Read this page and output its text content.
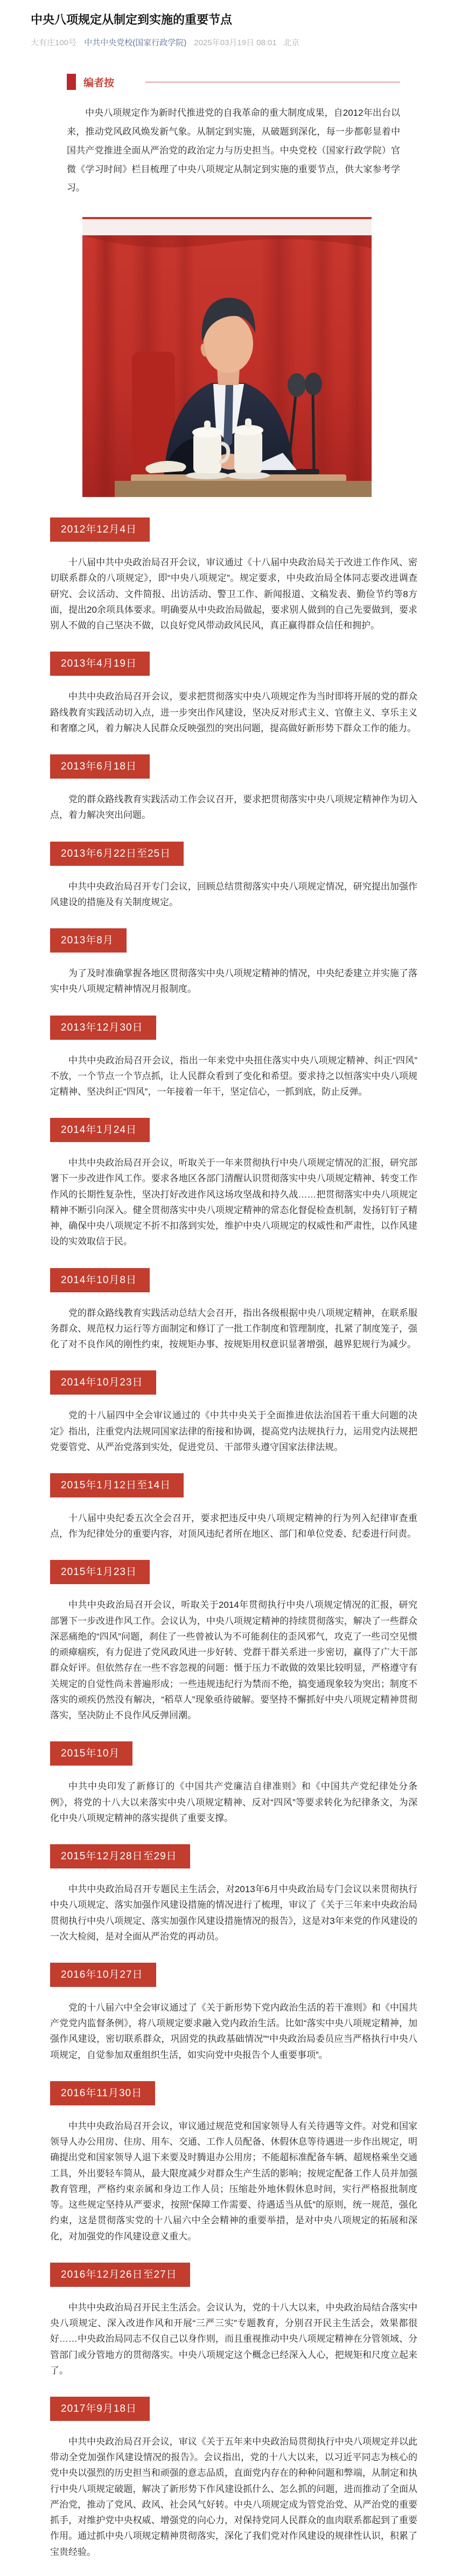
中央八项规定从制定到实施的重要节点
大有庄100号 中共中央党校(国家行政学院) 2025年03月19日 08:01 北京
编者按

中央八项规定作为新时代推进党的自我革命的重大制度成果，自2012年出台以来，推动党风政风焕发新气象。从制定到实施，从破题到深化，每一步都彰显着中国共产党推进全面从严治党的政治定力与历史担当。中央党校（国家行政学院）官微《学习时间》栏目梳理了中央八项规定从制定到实施的重要节点，供大家参考学习。

2012年12月4日

十八届中共中央政治局召开会议，审议通过《十八届中央政治局关于改进工作作风、密切联系群众的八项规定》，即“中央八项规定”。规定要求，中央政治局全体同志要改进调查研究、会议活动、文件简报、出访活动、警卫工作、新闻报道、文稿发表、勤俭节约等8方面，提出20余项具体要求。明确要从中央政治局做起，要求别人做到的自己先要做到，要求别人不做的自己坚决不做，以良好党风带动政风民风，真正赢得群众信任和拥护。

2013年4月19日

中共中央政治局召开会议，要求把贯彻落实中央八项规定作为当时即将开展的党的群众路线教育实践活动切入点，进一步突出作风建设，坚决反对形式主义、官僚主义、享乐主义和奢靡之风，着力解决人民群众反映强烈的突出问题，提高做好新形势下群众工作的能力。

2013年6月18日

党的群众路线教育实践活动工作会议召开，要求把贯彻落实中央八项规定精神作为切入点，着力解决突出问题。

2013年6月22日至25日

中共中央政治局召开专门会议，回顾总结贯彻落实中央八项规定情况，研究提出加强作风建设的措施及有关制度规定。

2013年8月

为了及时准确掌握各地区贯彻落实中央八项规定精神的情况，中央纪委建立并实施了落实中央八项规定精神情况月报制度。

2013年12月30日

中共中央政治局召开会议，指出一年来党中央扭住落实中央八项规定精神、纠正“四风”不放，一个节点一个节点抓，让人民群众看到了变化和希望。要求持之以恒落实中央八项规定精神、坚决纠正“四风”，一年接着一年干，坚定信心，一抓到底，防止反弹。

2014年1月24日

中共中央政治局召开会议，听取关于一年来贯彻执行中央八项规定情况的汇报，研究部署下一步改进作风工作。要求各地区各部门清醒认识贯彻落实中央八项规定精神、转变工作作风的长期性复杂性，坚决打好改进作风这场攻坚战和持久战……把贯彻落实中央八项规定精神不断引向深入。健全贯彻落实中央八项规定精神的常态化督促检查机制，发扬钉钉子精神，确保中央八项规定不折不扣落到实处，维护中央八项规定的权威性和严肃性，以作风建设的实效取信于民。

2014年10月8日

党的群众路线教育实践活动总结大会召开，指出各级根据中央八项规定精神，在联系服务群众、规范权力运行等方面制定和修订了一批工作制度和管理制度，扎紧了制度笼子，强化了对不良作风的刚性约束，按规矩办事、按规矩用权意识显著增强，越界犯规行为减少。

2014年10月23日

党的十八届四中全会审议通过的《中共中央关于全面推进依法治国若干重大问题的决定》指出，注重党内法规同国家法律的衔接和协调，提高党内法规执行力，运用党内法规把党要管党、从严治党落到实处，促进党员、干部带头遵守国家法律法规。

2015年1月12日至14日

十八届中央纪委五次全会召开，要求把违反中央八项规定精神的行为列入纪律审查重点，作为纪律处分的重要内容，对顶风违纪者所在地区、部门和单位党委、纪委进行问责。

2015年1月23日

中共中央政治局召开会议，听取关于2014年贯彻执行中央八项规定情况的汇报，研究部署下一步改进作风工作。会议认为，中央八项规定精神的持续贯彻落实，解决了一些群众深恶痛绝的“四风”问题，刹住了一些曾被认为不可能刹住的歪风邪气，攻克了一些司空见惯的顽瘴痼疾，有力促进了党风政风进一步好转、党群干群关系进一步密切，赢得了广大干部群众好评。但依然存在一些不容忽视的问题：慑于压力不敢做的效果比较明显，严格遵守有关规定的自觉性尚未普遍形成；一些违规违纪行为禁而不绝，搞变通现象较为突出；制度不落实的顽疾仍然没有解决，“稻草人”现象亟待破解。要坚持不懈抓好中央八项规定精神贯彻落实，坚决防止不良作风反弹回潮。

2015年10月

中共中央印发了新修订的《中国共产党廉洁自律准则》和《中国共产党纪律处分条例》，将党的十八大以来落实中央八项规定精神、反对“四风”等要求转化为纪律条文，为深化中央八项规定精神的落实提供了重要支撑。

2015年12月28日至29日

中共中央政治局召开专题民主生活会，对2013年6月中央政治局专门会议以来贯彻执行中央八项规定、落实加强作风建设措施的情况进行了梳理，审议了《关于三年来中央政治局贯彻执行中央八项规定、落实加强作风建设措施情况的报告》，这是对3年来党的作风建设的一次大检阅，是对全面从严治党的再动员。

2016年10月27日

党的十八届六中全会审议通过了《关于新形势下党内政治生活的若干准则》和《中国共产党党内监督条例》，将八项规定要求融入党内政治生活。比如“落实中央八项规定精神，加强作风建设，密切联系群众，巩固党的执政基础情况”“中央政治局委员应当严格执行中央八项规定，自觉参加双重组织生活，如实向党中央报告个人重要事项”。

2016年11月30日

中共中央政治局召开会议，审议通过规范党和国家领导人有关待遇等文件。对党和国家领导人办公用房、住房、用车、交通、工作人员配备、休假休息等待遇进一步作出规定，明确提出党和国家领导人退下来要及时腾退办公用房；不能超标准配备车辆、超规格乘坐交通工具，外出要轻车简从，最大限度减少对群众生产生活的影响；按规定配备工作人员并加强教育管理，严格约束亲属和身边工作人员；压缩赴外地休假休息时间，实行严格报批制度等。这些规定坚持从严要求，按照“保障工作需要、待遇适当从低”的原则，统一规范，强化约束，这是贯彻落实党的十八届六中全会精神的重要举措，是对中央八项规定的拓展和深化，对加强党的作风建设意义重大。

2016年12月26日至27日

中共中央政治局召开民主生活会。会议认为，党的十八大以来，中央政治局结合落实中央八项规定、深入改进作风和开展“三严三实”专题教育，分别召开民主生活会，效果都很好……中央政治局同志不仅自己以身作则，而且重视推动中央八项规定精神在分管领域、分管部门或分管地方的贯彻落实。中央八项规定这个概念已经深入人心，把规矩和尺度立起来了。

2017年9月18日

中共中央政治局召开会议，审议《关于五年来中央政治局贯彻执行中央八项规定并以此带动全党加强作风建设情况的报告》。会议指出，党的十八大以来，以习近平同志为核心的党中央以强烈的历史担当和顽强的意志品质，直面党内存在的种种问题和弊端，从制定和执行中央八项规定破题，解决了新形势下作风建设抓什么、怎么抓的问题，进而推动了全面从严治党，推动了党风、政风、社会风气好转。中央八项规定成为管党治党、从严治党的重要抓手，对维护党中央权威、增强党的向心力，对保持党同人民群众的血肉联系都起到了重要作用。通过抓中央八项规定精神贯彻落实，深化了我们党对作风建设的规律性认识，积累了宝贵经验。
